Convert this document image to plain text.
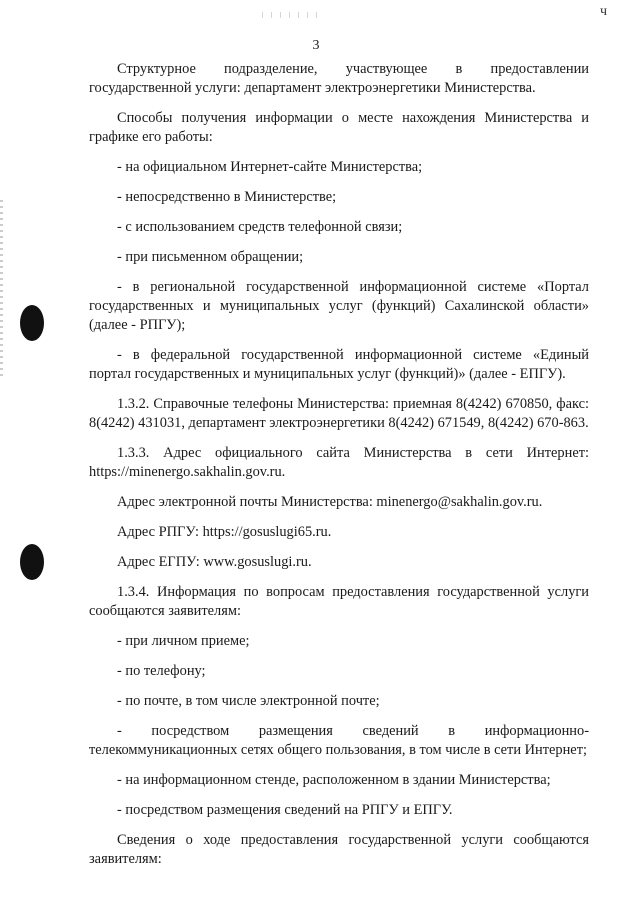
ч
3

Структурное подразделение, участвующее в предоставлении государственной услуги: департамент электроэнергетики Министерства.

Способы получения информации о месте нахождения Министерства и графике его работы:

- на официальном Интернет-сайте Министерства;

- непосредственно в Министерстве;

- с использованием средств телефонной связи;

- при письменном обращении;

- в региональной государственной информационной системе «Портал государственных и муниципальных услуг (функций) Сахалинской области» (далее - РПГУ);

- в федеральной государственной информационной системе «Единый портал государственных и муниципальных услуг (функций)» (далее - ЕПГУ).

1.3.2. Справочные телефоны Министерства: приемная 8(4242) 670850, факс: 8(4242) 431031, департамент электроэнергетики 8(4242) 671549, 8(4242) 670-863.

1.3.3. Адрес официального сайта Министерства в сети Интернет: https://minenergo.sakhalin.gov.ru.

Адрес электронной почты Министерства: minenergo@sakhalin.gov.ru.

Адрес РПГУ: https://gosuslugi65.ru.

Адрес ЕГПУ: www.gosuslugi.ru.

1.3.4. Информация по вопросам предоставления государственной услуги сообщаются заявителям:

- при личном приеме;

- по телефону;

- по почте, в том числе электронной почте;

- посредством размещения сведений в информационно-телекоммуникационных сетях общего пользования, в том числе в сети Интернет;

- на информационном стенде, расположенном в здании Министерства;

- посредством размещения сведений на РПГУ и ЕПГУ.

Сведения о ходе предоставления государственной услуги сообщаются заявителям:
